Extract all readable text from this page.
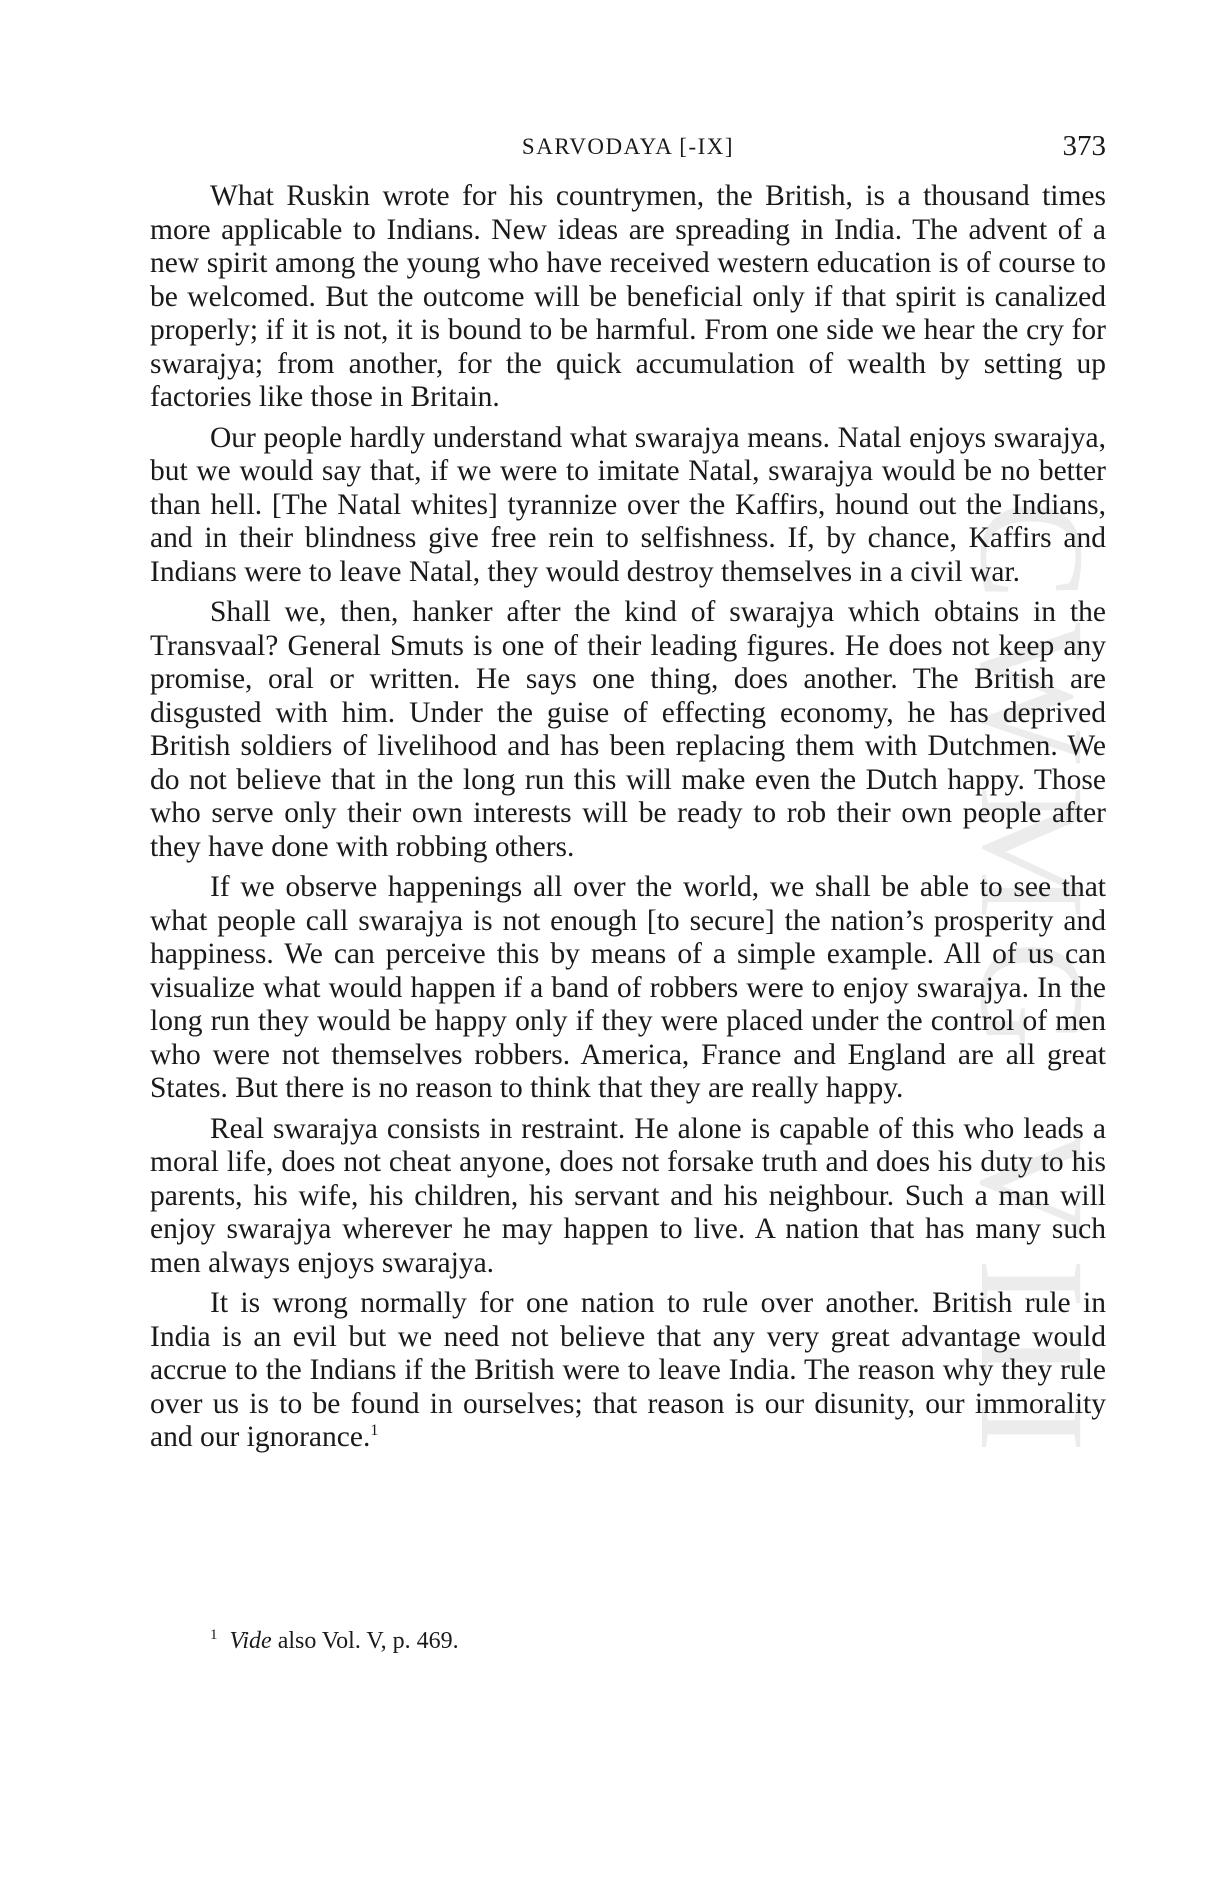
CWMG VIII
SARVODAYA [-IX]	373

What Ruskin wrote for his countrymen, the British, is a thousand times more applicable to Indians. New ideas are spreading in India. The advent of a new spirit among the young who have received western education is of course to be welcomed. But the outcome will be beneficial only if that spirit is canalized properly; if it is not, it is bound to be harmful. From one side we hear the cry for swarajya; from another, for the quick accumulation of wealth by setting up factories like those in Britain.

Our people hardly understand what swarajya means. Natal enjoys swarajya, but we would say that, if we were to imitate Natal, swarajya would be no better than hell. [The Natal whites] tyrannize over the Kaffirs, hound out the Indians, and in their blindness give free rein to selfishness. If, by chance, Kaffirs and Indians were to leave Natal, they would destroy themselves in a civil war.

Shall we, then, hanker after the kind of swarajya which obtains in the Transvaal? General Smuts is one of their leading figures. He does not keep any promise, oral or written. He says one thing, does another. The British are disgusted with him. Under the guise of effecting economy, he has deprived British soldiers of livelihood and has been replacing them with Dutchmen. We do not believe that in the long run this will make even the Dutch happy. Those who serve only their own interests will be ready to rob their own people after they have done with robbing others.

If we observe happenings all over the world, we shall be able to see that what people call swarajya is not enough [to secure] the nation’s prosperity and happiness. We can perceive this by means of a simple example. All of us can visualize what would happen if a band of robbers were to enjoy swarajya. In the long run they would be happy only if they were placed under the control of men who were not themselves robbers. America, France and England are all great States. But there is no reason to think that they are really happy.

Real swarajya consists in restraint. He alone is capable of this who leads a moral life, does not cheat anyone, does not forsake truth and does his duty to his parents, his wife, his children, his servant and his neighbour. Such a man will enjoy swarajya wherever he may happen to live. A nation that has many such men always enjoys swarajya.

It is wrong normally for one nation to rule over another. British rule in India is an evil but we need not believe that any very great advantage would accrue to the Indians if the British were to leave India. The reason why they rule over us is to be found in ourselves; that reason is our disunity, our immorality and our ignorance.$^1$

$^1$ Vide also Vol. V, p. 469.
